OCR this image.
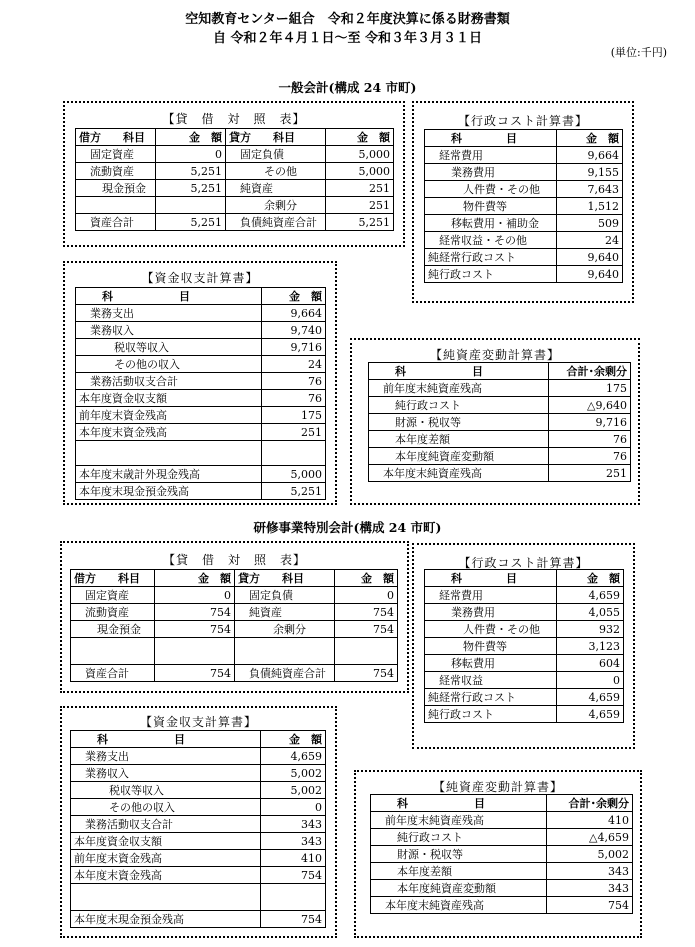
空知教育センター組合　令和２年度決算に係る財務書類
自 令和２年４月１日～至 令和３年３月３１日
(単位:千円)
一般会計(構成 24 市町)
【貸　借　対　照　表】
借方　　科目	金　額	貸方　　科目	金　額
固定資産	0	固定負債	5,000
流動資産	5,251	その他	5,000
現金預金	5,251	純資産	251
		余剰分	251
資産合計	5,251	負債純資産合計	5,251
【行政コスト計算書】
科　　　　目	金　額
経常費用	9,664
業務費用	9,155
人件費・その他	7,643
物件費等	1,512
移転費用・補助金	509
経常収益・その他	24
純経常行政コスト	9,640
純行政コスト	9,640
【資金収支計算書】
科　　　　　　目	金　額
業務支出	9,664
業務収入	9,740
税収等収入	9,716
その他の収入	24
業務活動収支合計	76
本年度資金収支額	76
前年度末資金残高	175
本年度末資金残高	251

本年度末歳計外現金残高	5,000
本年度末現金預金残高	5,251
【純資産変動計算書】
科　　　　　　目	合計･余剰分
前年度末純資産残高	175
純行政コスト	△9,640
財源・税収等	9,716
本年度差額	76
本年度純資産変動額	76
本年度末純資産残高	251
研修事業特別会計(構成 24 市町)
【貸　借　対　照　表】
借方　　科目	金　額	貸方　　科目	金　額
固定資産	0	固定負債	0
流動資産	754	純資産	754
現金預金	754	余剰分	754

資産合計	754	負債純資産合計	754
【行政コスト計算書】
科　　　　目	金　額
経常費用	4,659
業務費用	4,055
人件費・その他	932
物件費等	3,123
移転費用	604
経常収益	0
純経常行政コスト	4,659
純行政コスト	4,659
【資金収支計算書】
科　　　　　　目	金　額
業務支出	4,659
業務収入	5,002
税収等収入	5,002
その他の収入	0
業務活動収支合計	343
本年度資金収支額	343
前年度末資金残高	410
本年度末資金残高	754

本年度末現金預金残高	754
【純資産変動計算書】
科　　　　　　目	合計･余剰分
前年度末純資産残高	410
純行政コスト	△4,659
財源・税収等	5,002
本年度差額	343
本年度純資産変動額	343
本年度末純資産残高	754
